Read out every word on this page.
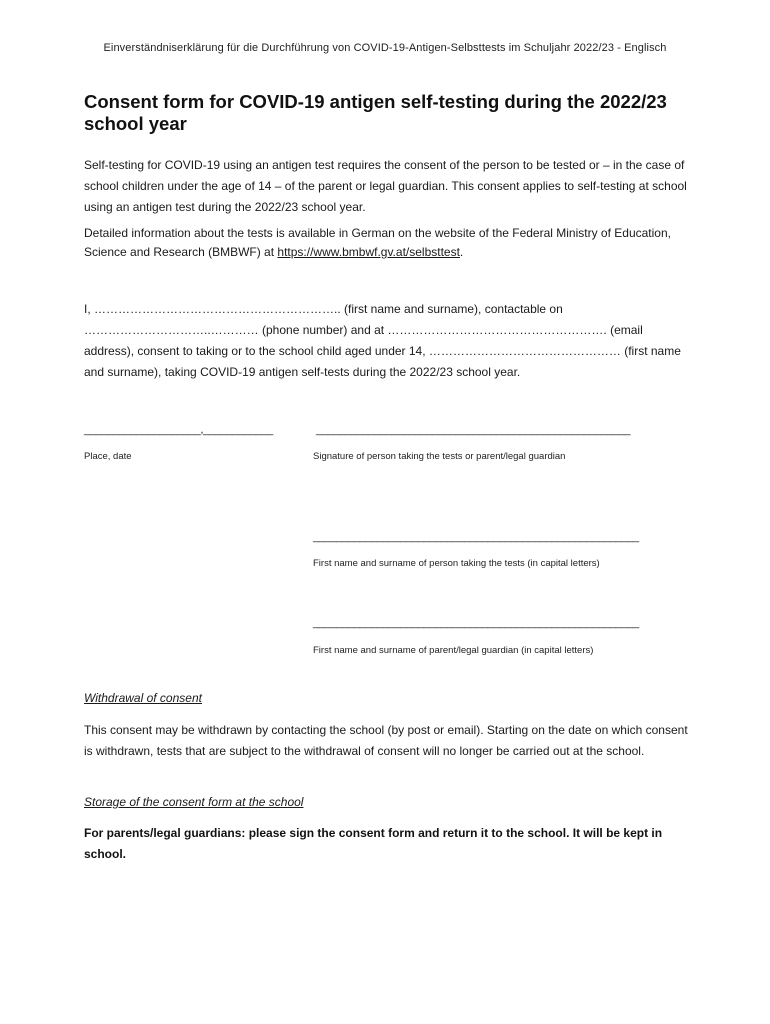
Einverständniserklärung für die Durchführung von COVID-19-Antigen-Selbsttests im Schuljahr 2022/23 - Englisch
Consent form for COVID-19 antigen self-testing during the 2022/23 school year
Self-testing for COVID-19 using an antigen test requires the consent of the person to be tested or – in the case of school children under the age of 14 – of the parent or legal guardian. This consent applies to self-testing at school using an antigen test during the 2022/23 school year.
Detailed information about the tests is available in German on the website of the Federal Ministry of Education, Science and Research (BMBWF) at https://www.bmbwf.gv.at/selbsttest.
I, …………………………………………………….. (first name and surname), contactable on …………………………..………… (phone number) and at ………………………………………………. (email address), consent to taking or to the school child aged under 14, ………………………………………… (first name and surname), taking COVID-19 antigen self-tests during the 2022/23 school year.
____________________,____________
Place, date
______________________________________________________
Signature of person taking the tests or parent/legal guardian
________________________________________________________
First name and surname of person taking the tests (in capital letters)
________________________________________________________
First name and surname of parent/legal guardian (in capital letters)
Withdrawal of consent
This consent may be withdrawn by contacting the school (by post or email). Starting on the date on which consent is withdrawn, tests that are subject to the withdrawal of consent will no longer be carried out at the school.
Storage of the consent form at the school
For parents/legal guardians: please sign the consent form and return it to the school. It will be kept in school.
